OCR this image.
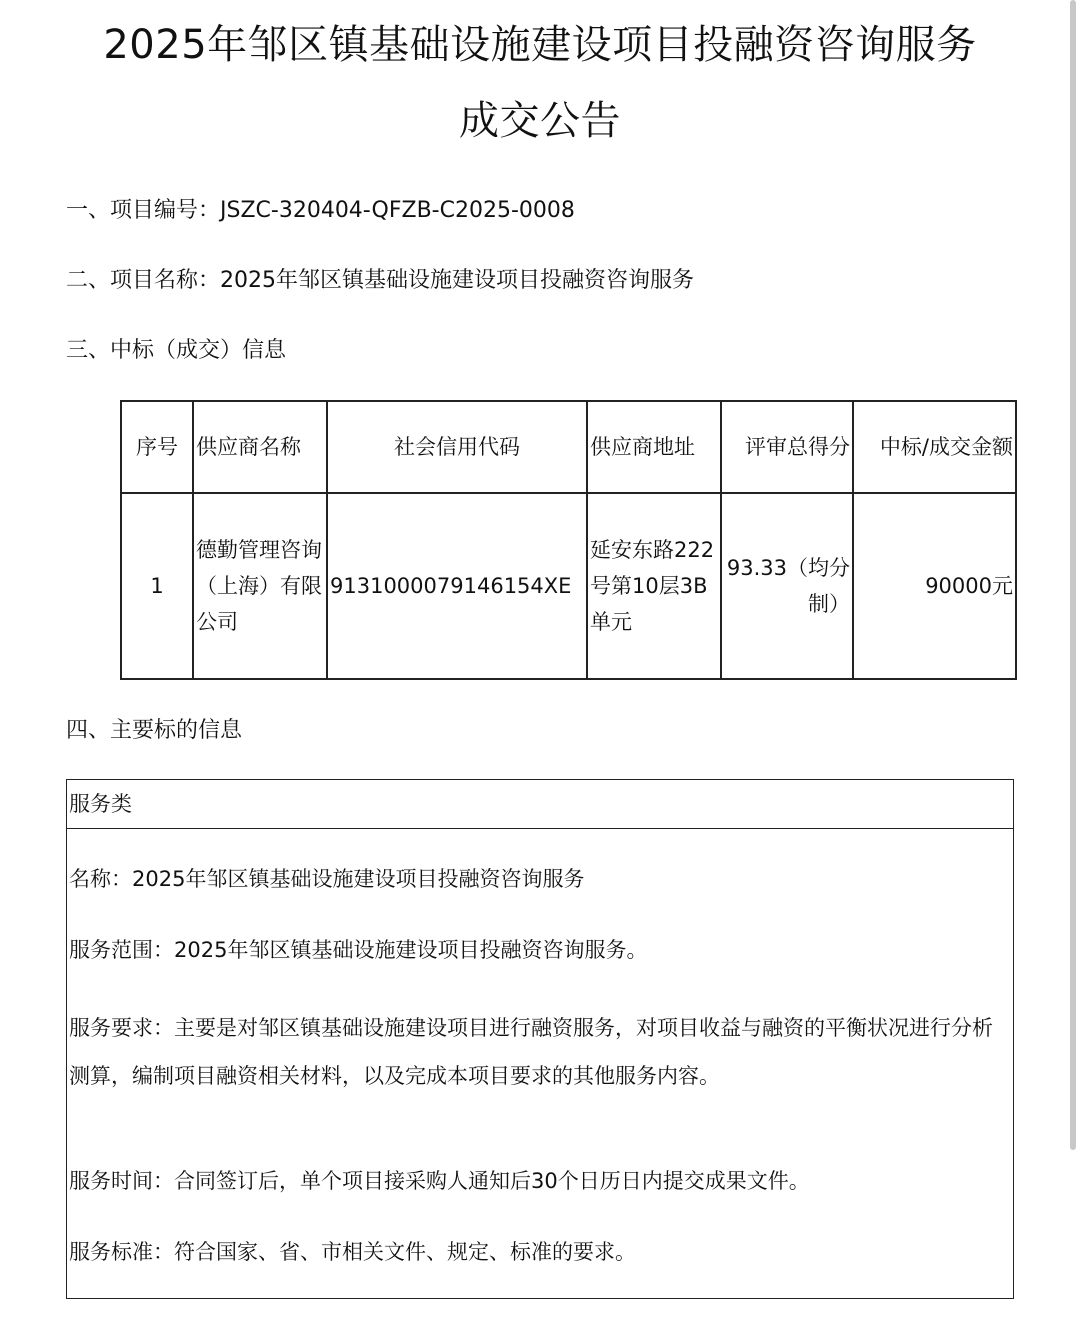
2025年邹区镇基础设施建设项目投融资咨询服务
成交公告
一、项目编号：JSZC-320404-QFZB-C2025-0008
二、项目名称：2025年邹区镇基础设施建设项目投融资咨询服务
三、中标（成交）信息
序号	供应商名称	社会信用代码	供应商地址	评审总得分	中标/成交金额
1	德勤管理咨询（上海）有限公司	9131000079146154XE	延安东路222号第10层3B单元	93.33（均分制）	90000元
四、主要标的信息
服务类
名称：2025年邹区镇基础设施建设项目投融资咨询服务
服务范围：2025年邹区镇基础设施建设项目投融资咨询服务。
服务要求：主要是对邹区镇基础设施建设项目进行融资服务，对项目收益与融资的平衡状况进行分析测算，编制项目融资相关材料，以及完成本项目要求的其他服务内容。
服务时间：合同签订后，单个项目接采购人通知后30个日历日内提交成果文件。
服务标准：符合国家、省、市相关文件、规定、标准的要求。
